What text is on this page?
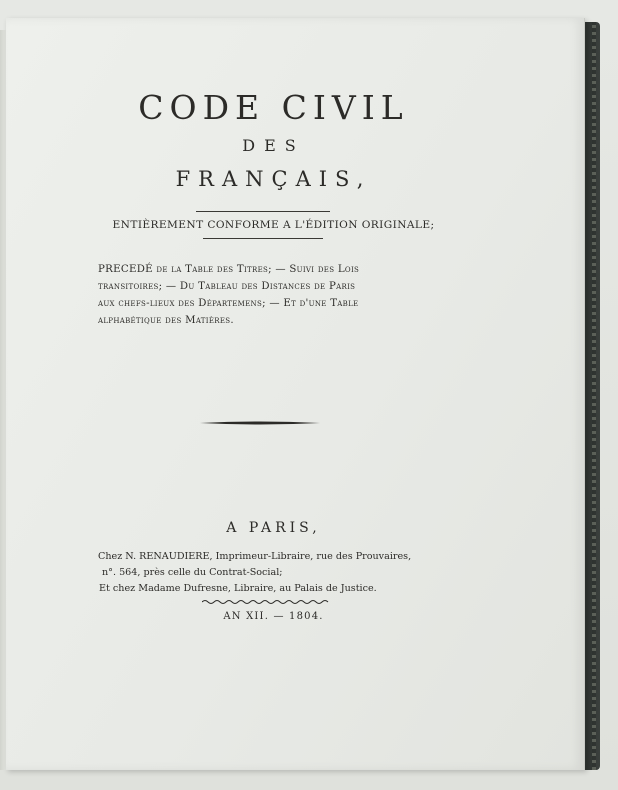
CODE CIVIL
DES
FRANÇAIS,
ENTIÈREMENT CONFORME A L'ÉDITION ORIGINALE;
PRECEDÉ de la Table des Titres; — Suivi des Lois
transitoires; — Du Tableau des Distances de Paris
aux chefs-lieux des Départemens; — Et d'une Table
alphabétique des Matières.
A PARIS,
Chez N. RENAUDIERE, Imprimeur-Libraire, rue des Prouvaires,
n°. 564, près celle du Contrat-Social;
Et chez Madame Dufresne, Libraire, au Palais de Justice.
AN XII. — 1804.
